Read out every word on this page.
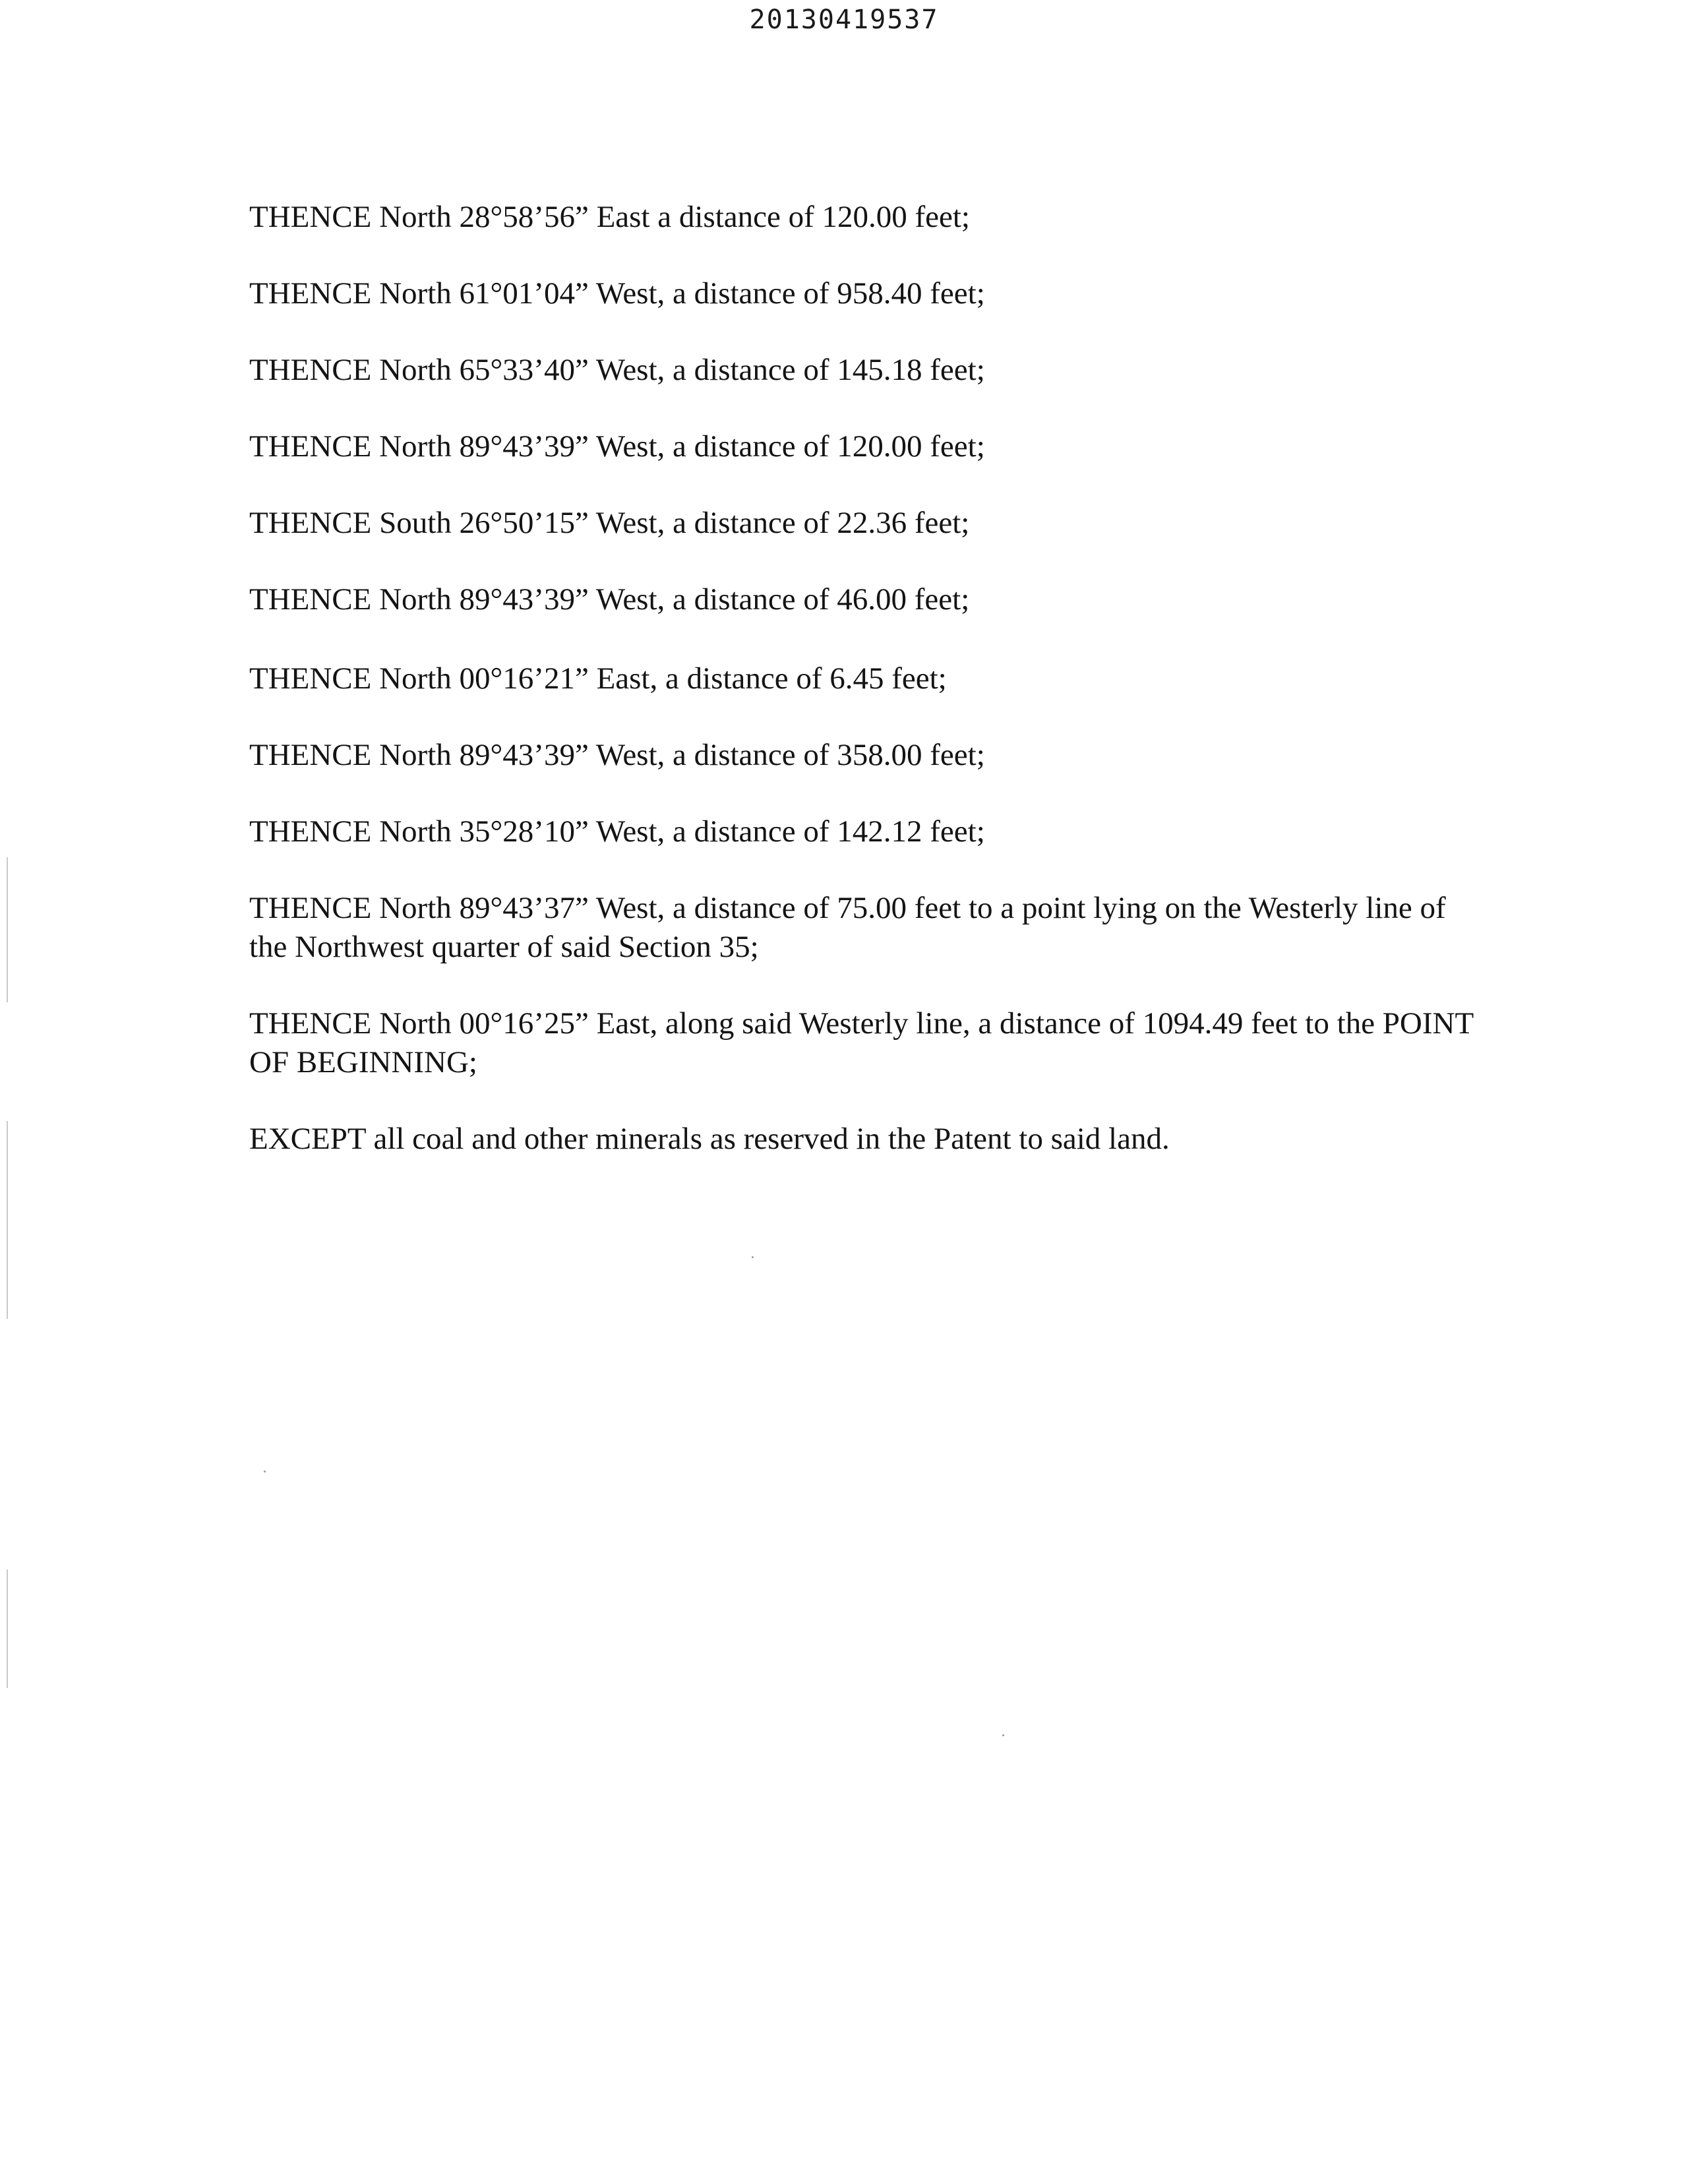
20130419537

THENCE North 28°58’56” East a distance of 120.00 feet;

THENCE North 61°01’04” West, a distance of 958.40 feet;

THENCE North 65°33’40” West, a distance of 145.18 feet;

THENCE North 89°43’39” West, a distance of 120.00 feet;

THENCE South 26°50’15” West, a distance of 22.36 feet;

THENCE North 89°43’39” West, a distance of 46.00 feet;

THENCE North 00°16’21” East, a distance of 6.45 feet;

THENCE North 89°43’39” West, a distance of 358.00 feet;

THENCE North 35°28’10” West, a distance of 142.12 feet;

THENCE North 89°43’37” West, a distance of 75.00 feet to a point lying on the Westerly line of the Northwest quarter of said Section 35;

THENCE North 00°16’25” East, along said Westerly line, a distance of 1094.49 feet to the POINT OF BEGINNING;

EXCEPT all coal and other minerals as reserved in the Patent to said land.
